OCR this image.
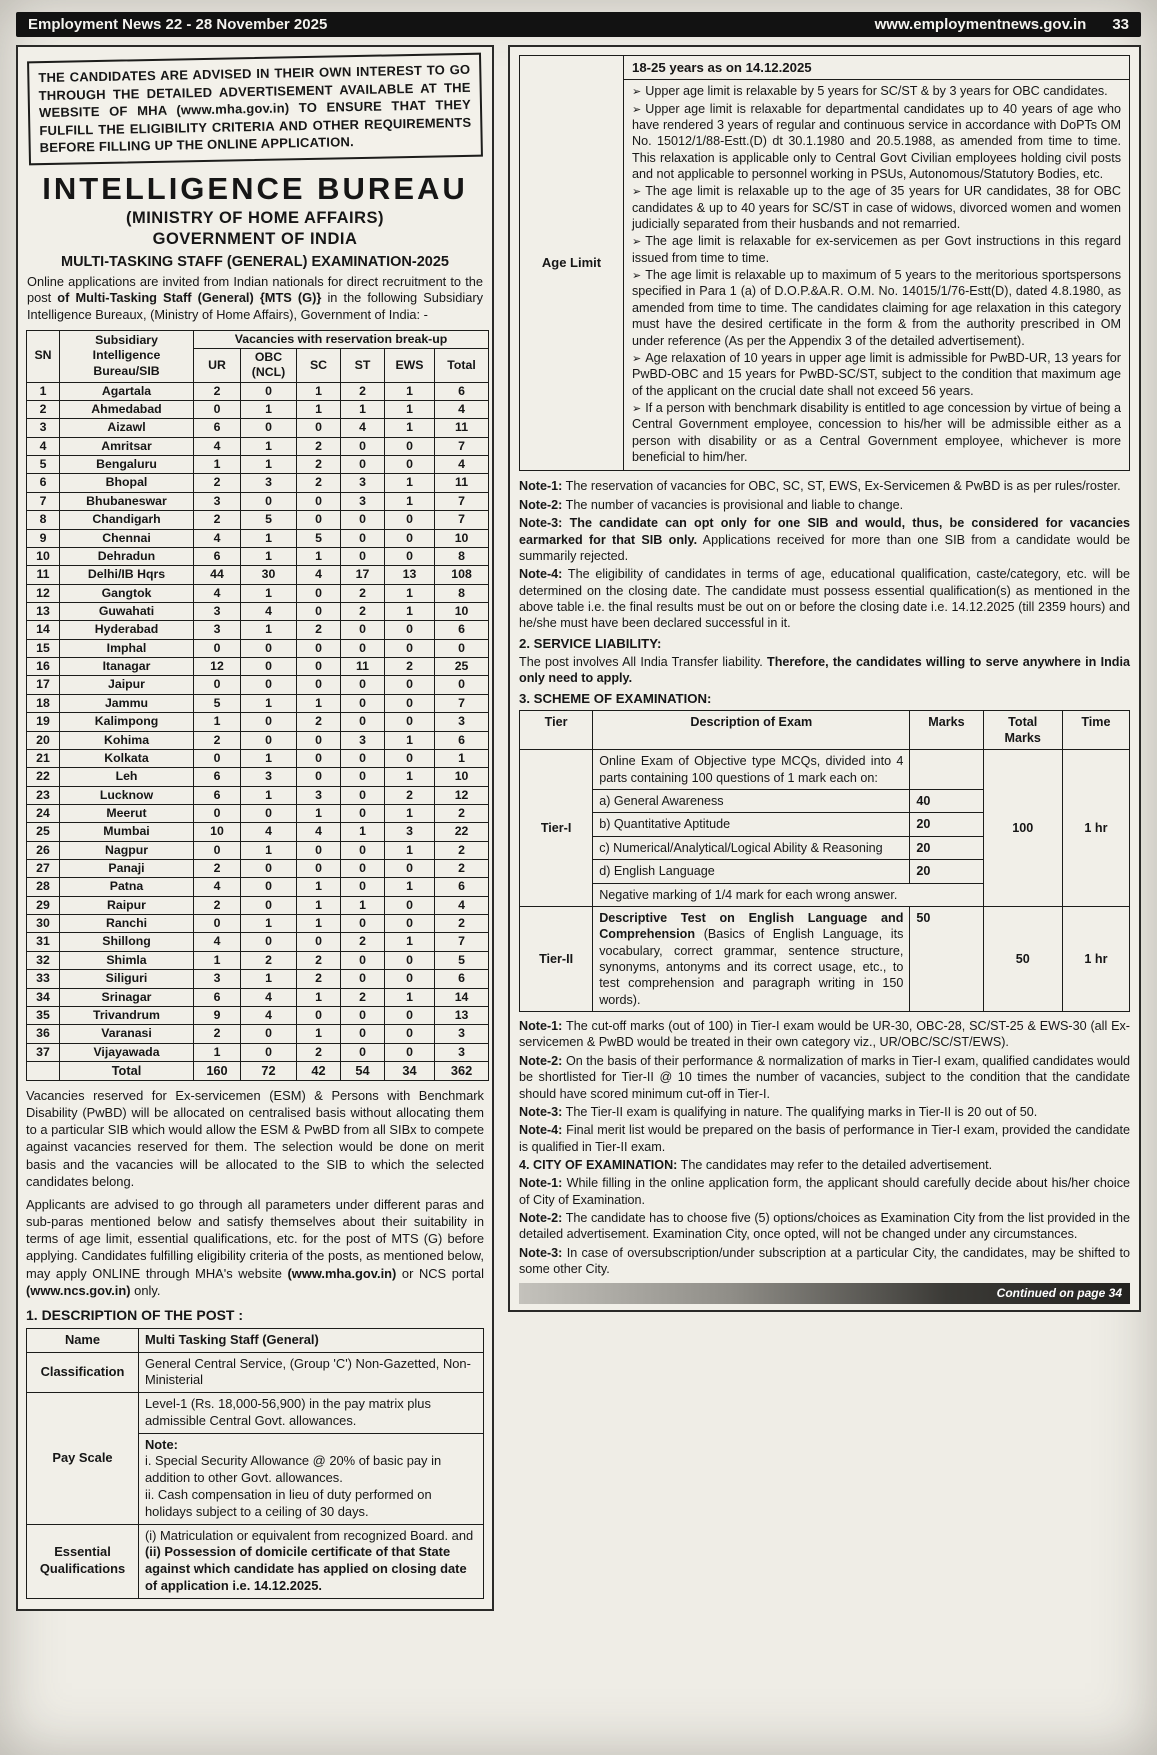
Employment News 22 - 28 November 2025	www.employmentnews.gov.in 33
THE CANDIDATES ARE ADVISED IN THEIR OWN INTEREST TO GO THROUGH THE DETAILED ADVERTISEMENT AVAILABLE AT THE WEBSITE OF MHA (www.mha.gov.in) TO ENSURE THAT THEY FULFILL THE ELIGIBILITY CRITERIA AND OTHER REQUIREMENTS BEFORE FILLING UP THE ONLINE APPLICATION.
INTELLIGENCE BUREAU
(MINISTRY OF HOME AFFAIRS)
GOVERNMENT OF INDIA
MULTI-TASKING STAFF (GENERAL) EXAMINATION-2025

Online applications are invited from Indian nationals for direct recruitment to the post of Multi-Tasking Staff (General) {MTS (G)} in the following Subsidiary Intelligence Bureaux, (Ministry of Home Affairs), Government of India: -

SN	Subsidiary Intelligence Bureau/SIB	Vacancies with reservation break-up					
		UR	OBC (NCL)	SC	ST	EWS	Total
1	Agartala	2	0	1	2	1	6
2	Ahmedabad	0	1	1	1	1	4
3	Aizawl	6	0	0	4	1	11
4	Amritsar	4	1	2	0	0	7
5	Bengaluru	1	1	2	0	0	4
6	Bhopal	2	3	2	3	1	11
7	Bhubaneswar	3	0	0	3	1	7
8	Chandigarh	2	5	0	0	0	7
9	Chennai	4	1	5	0	0	10
10	Dehradun	6	1	1	0	0	8
11	Delhi/IB Hqrs	44	30	4	17	13	108
12	Gangtok	4	1	0	2	1	8
13	Guwahati	3	4	0	2	1	10
14	Hyderabad	3	1	2	0	0	6
15	Imphal	0	0	0	0	0	0
16	Itanagar	12	0	0	11	2	25
17	Jaipur	0	0	0	0	0	0
18	Jammu	5	1	1	0	0	7
19	Kalimpong	1	0	2	0	0	3
20	Kohima	2	0	0	3	1	6
21	Kolkata	0	1	0	0	0	1
22	Leh	6	3	0	0	1	10
23	Lucknow	6	1	3	0	2	12
24	Meerut	0	0	1	0	1	2
25	Mumbai	10	4	4	1	3	22
26	Nagpur	0	1	0	0	1	2
27	Panaji	2	0	0	0	0	2
28	Patna	4	0	1	0	1	6
29	Raipur	2	0	1	1	0	4
30	Ranchi	0	1	1	0	0	2
31	Shillong	4	0	0	2	1	7
32	Shimla	1	2	2	0	0	5
33	Siliguri	3	1	2	0	0	6
34	Srinagar	6	4	1	2	1	14
35	Trivandrum	9	4	0	0	0	13
36	Varanasi	2	0	1	0	0	3
37	Vijayawada	1	0	2	0	0	3
	Total	160	72	42	54	34	362

Vacancies reserved for Ex-servicemen (ESM) & Persons with Benchmark Disability (PwBD) will be allocated on centralised basis without allocating them to a particular SIB which would allow the ESM & PwBD from all SIBx to compete against vacancies reserved for them. The selection would be done on merit basis and the vacancies will be allocated to the SIB to which the selected candidates belong.

Applicants are advised to go through all parameters under different paras and sub-paras mentioned below and satisfy themselves about their suitability in terms of age limit, essential qualifications, etc. for the post of MTS (G) before applying. Candidates fulfilling eligibility criteria of the posts, as mentioned below, may apply ONLINE through MHA's website (www.mha.gov.in) or NCS portal (www.ncs.gov.in) only.

1. DESCRIPTION OF THE POST :
Name	Multi Tasking Staff (General)
Classification	General Central Service, (Group 'C') Non-Gazetted, Non-Ministerial
Pay Scale	Level-1 (Rs. 18,000-56,900) in the pay matrix plus admissible Central Govt. allowances.

	Note:
i. Special Security Allowance @ 20% of basic pay in addition to other Govt. allowances.
ii. Cash compensation in lieu of duty performed on holidays subject to a ceiling of 30 days.

Essential Qualifications	(i) Matriculation or equivalent from recognized Board. and
(ii) Possession of domicile certificate of that State against which candidate has applied on closing date of application i.e. 14.12.2025.
Age Limit	
18-25 years as on 14.12.2025
➢ Upper age limit is relaxable by 5 years for SC/ST & by 3 years for OBC candidates.
➢ Upper age limit is relaxable for departmental candidates up to 40 years of age who have rendered 3 years of regular and continuous service in accordance with DoPTs OM No. 15012/1/88-Estt.(D) dt 30.1.1980 and 20.5.1988, as amended from time to time. This relaxation is applicable only to Central Govt Civilian employees holding civil posts and not applicable to personnel working in PSUs, Autonomous/Statutory Bodies, etc.
➢ The age limit is relaxable up to the age of 35 years for UR candidates, 38 for OBC candidates & up to 40 years for SC/ST in case of widows, divorced women and women judicially separated from their husbands and not remarried.
➢ The age limit is relaxable for ex-servicemen as per Govt instructions in this regard issued from time to time.
➢ The age limit is relaxable up to maximum of 5 years to the meritorious sportspersons specified in Para 1 (a) of D.O.P.&A.R. O.M. No. 14015/1/76-Estt(D), dated 4.8.1980, as amended from time to time. The candidates claiming for age relaxation in this category must have the desired certificate in the form & from the authority prescribed in OM under reference (As per the Appendix 3 of the detailed advertisement).
➢ Age relaxation of 10 years in upper age limit is admissible for PwBD-UR, 13 years for PwBD-OBC and 15 years for PwBD-SC/ST, subject to the condition that maximum age of the applicant on the crucial date shall not exceed 56 years.
➢ If a person with benchmark disability is entitled to age concession by virtue of being a Central Government employee, concession to his/her will be admissible either as a person with disability or as a Central Government employee, whichever is more beneficial to him/her.
Note-1: The reservation of vacancies for OBC, SC, ST, EWS, Ex-Servicemen & PwBD is as per rules/roster.
Note-2: The number of vacancies is provisional and liable to change.
Note-3: The candidate can opt only for one SIB and would, thus, be considered for vacancies earmarked for that SIB only. Applications received for more than one SIB from a candidate would be summarily rejected.
Note-4: The eligibility of candidates in terms of age, educational qualification, caste/category, etc. will be determined on the closing date. The candidate must possess essential qualification(s) as mentioned in the above table i.e. the final results must be out on or before the closing date i.e. 14.12.2025 (till 2359 hours) and he/she must have been declared successful in it.
2. SERVICE LIABILITY:
The post involves All India Transfer liability. Therefore, the candidates willing to serve anywhere in India only need to apply.
3. SCHEME OF EXAMINATION:
Tier	Description of Exam	Marks	Total Marks	Time
Tier-I	Online Exam of Objective type MCQs, divided into 4 parts containing 100 questions of 1 mark each on:		100	1 hr
	a) General Awareness	40		
	b) Quantitative Aptitude	20		
	c) Numerical/Analytical/Logical Ability & Reasoning	20		
	d) English Language	20		
	Negative marking of 1/4 mark for each wrong answer.			
Tier-II	Descriptive Test on English Language and Comprehension (Basics of English Language, its vocabulary, correct grammar, sentence structure, synonyms, antonyms and its correct usage, etc., to test comprehension and paragraph writing in 150 words).	50	50	1 hr
Note-1: The cut-off marks (out of 100) in Tier-I exam would be UR-30, OBC-28, SC/ST-25 & EWS-30 (all Ex-servicemen & PwBD would be treated in their own category viz., UR/OBC/SC/ST/EWS).
Note-2: On the basis of their performance & normalization of marks in Tier-I exam, qualified candidates would be shortlisted for Tier-II @ 10 times the number of vacancies, subject to the condition that the candidate should have scored minimum cut-off in Tier-I.
Note-3: The Tier-II exam is qualifying in nature. The qualifying marks in Tier-II is 20 out of 50.
Note-4: Final merit list would be prepared on the basis of performance in Tier-I exam, provided the candidate is qualified in Tier-II exam.
4. CITY OF EXAMINATION: The candidates may refer to the detailed advertisement.
Note-1: While filling in the online application form, the applicant should carefully decide about his/her choice of City of Examination.
Note-2: The candidate has to choose five (5) options/choices as Examination City from the list provided in the detailed advertisement. Examination City, once opted, will not be changed under any circumstances.
Note-3: In case of oversubscription/under subscription at a particular City, the candidates, may be shifted to some other City.
Continued on page 34
